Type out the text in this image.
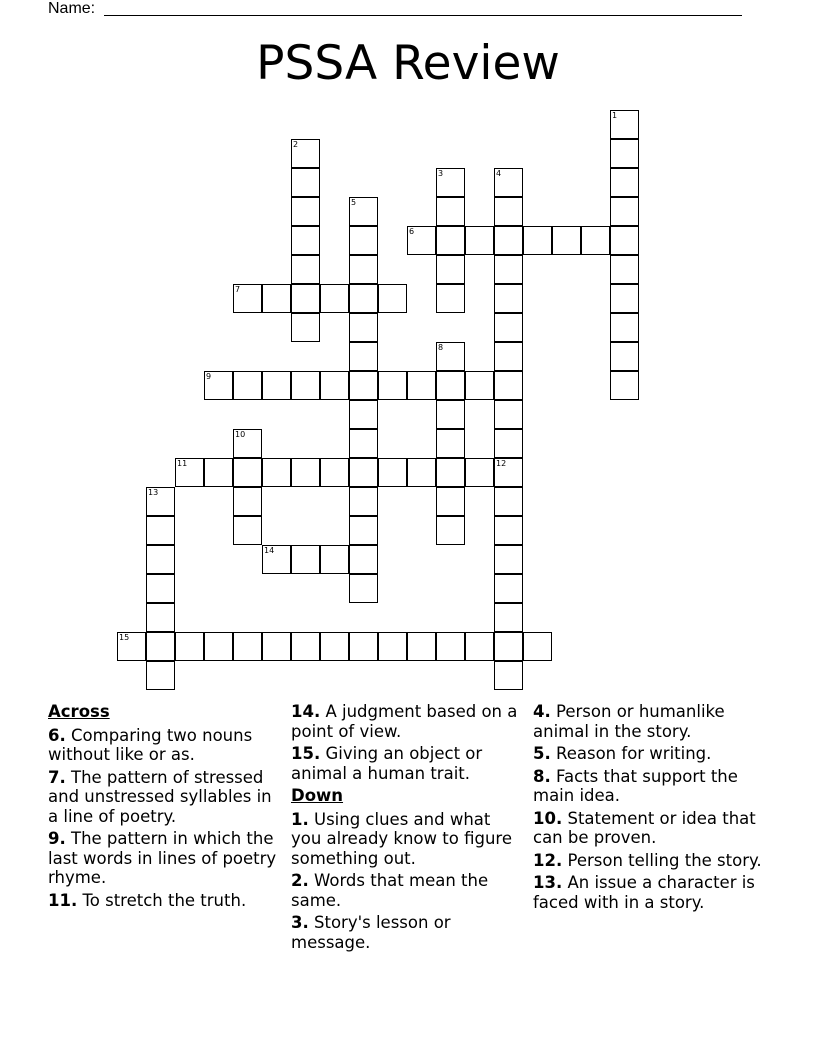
Name:
PSSA Review
1
2
3	4
5
6
7
8
9
10
11	12
13
14
15
Across
6. Comparing two nouns without like or as.
7. The pattern of stressed and unstressed syllables in a line of poetry.
9. The pattern in which the last words in lines of poetry rhyme.
11. To stretch the truth.
14. A judgment based on a point of view.
15. Giving an object or animal a human trait.
Down
1. Using clues and what you already know to figure something out.
2. Words that mean the same.
3. Story's lesson or message.
4. Person or humanlike animal in the story.
5. Reason for writing.
8. Facts that support the main idea.
10. Statement or idea that can be proven.
12. Person telling the story.
13. An issue a character is faced with in a story.
